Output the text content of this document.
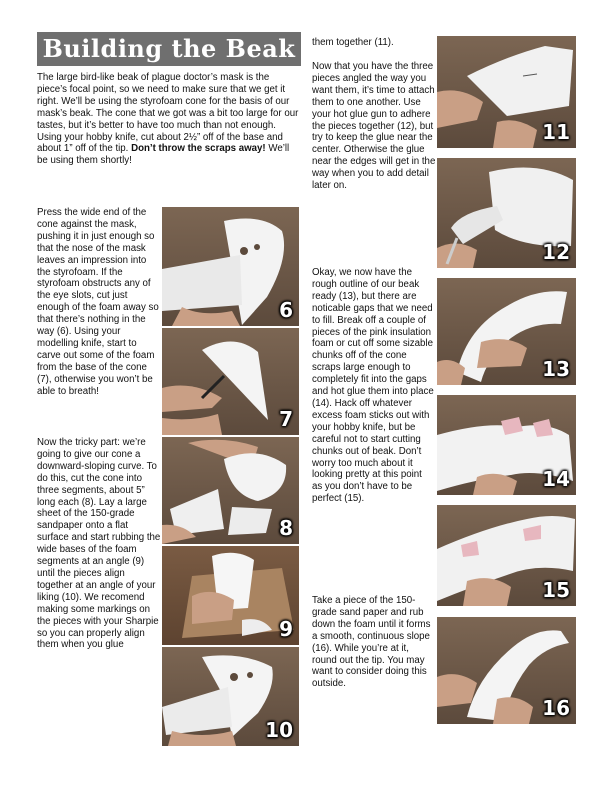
Building the Beak

The large bird-like beak of plague doctor’s mask is the piece’s focal point, so we need to make sure that we get it right. We’ll be using the styrofoam cone for the basis of our mask’s beak. The cone that we got was a bit too large for our tastes, but it’s better to have too much than not enough. Using your hobby knife, cut about 2½” off of the base and about 1” off of the tip. Don’t throw the scraps away! We’ll be using them shortly!

Press the wide end of the cone against the mask, pushing it in just enough so that the nose of the mask leaves an impression into the styrofoam. If the styrofoam obstructs any of the eye slots, cut just enough of the foam away so that there’s nothing in the way (6). Using your modelling knife, start to carve out some of the foam from the base of the cone (7), otherwise you won’t be able to breath!

Now the tricky part: we’re going to give our cone a downward-sloping curve. To do this, cut the cone into three segments, about 5” long each (8). Lay a large sheet of the 150-grade sandpaper onto a flat surface and start rubbing the wide bases of the foam segments at an angle (9) until the pieces align together at an angle of your liking (10). We recomend making some markings on the pieces with your Sharpie so you can properly align them when you glue

them together (11).

Now that you have the three pieces angled the way you want them, it’s time to attach them to one another. Use your hot glue gun to adhere the pieces together (12), but try to keep the glue near the center. Otherwise the glue near the edges will get in the way when you to add detail later on.

Okay, we now have the rough outline of our beak ready (13), but there are noticable gaps that we need to fill. Break off a couple of pieces of the pink insulation foam or cut off some sizable chunks off of the cone scraps large enough to completely fit into the gaps and hot glue them into place (14). Hack off whatever excess foam sticks out with your hobby knife, but be careful not to start cutting chunks out of beak. Don’t worry too much about it looking pretty at this point as you don’t have to be perfect (15).

Take a piece of the 150-grade sand paper and rub down the foam until it forms a smooth, continuous slope (16). While you’re at it, round out the tip. You may want to consider doing this outside.

6
7
8
9
10
11
12
13
14
15
16
